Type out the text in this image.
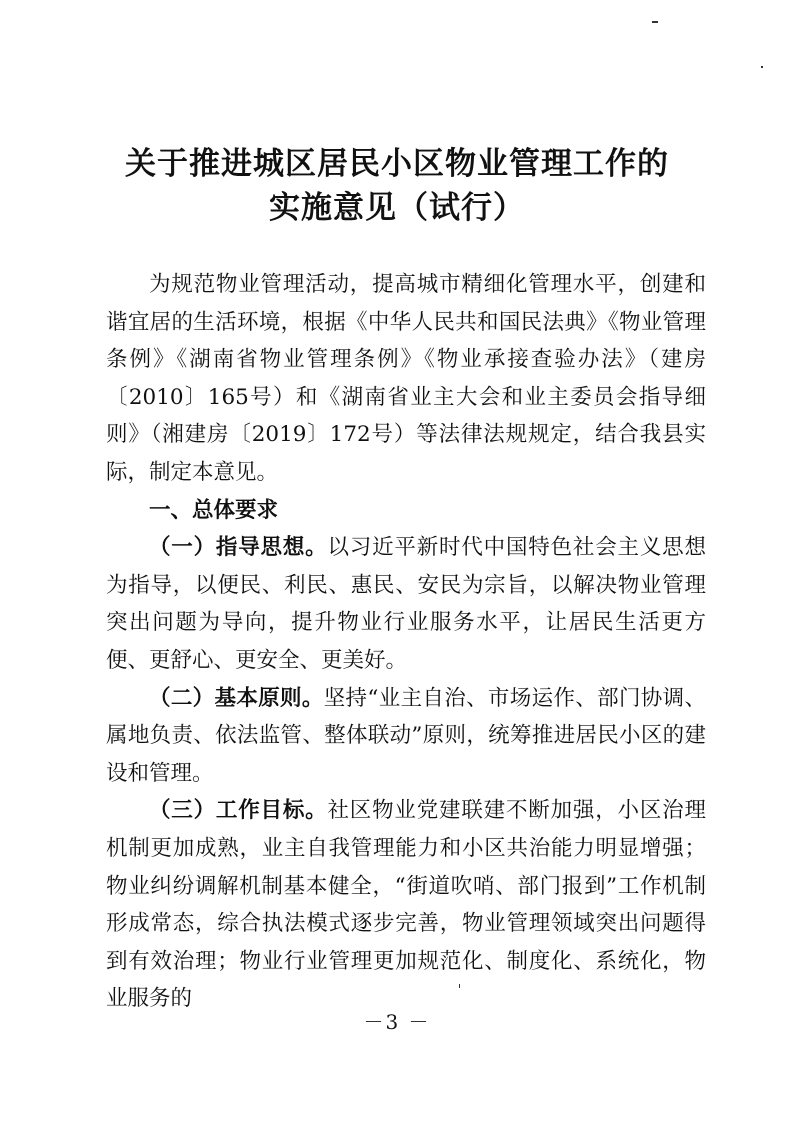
关于推进城区居民小区物业管理工作的
实施意见（试行）

为规范物业管理活动，提高城市精细化管理水平，创建和谐宜居的生活环境，根据《中华人民共和国民法典》《物业管理条例》《湖南省物业管理条例》《物业承接查验办法》（建房〔2010〕165号）和《湖南省业主大会和业主委员会指导细则》（湘建房〔2019〕172号）等法律法规规定，结合我县实际，制定本意见。

一、总体要求

（一）指导思想。以习近平新时代中国特色社会主义思想为指导，以便民、利民、惠民、安民为宗旨，以解决物业管理突出问题为导向，提升物业行业服务水平，让居民生活更方便、更舒心、更安全、更美好。

（二）基本原则。坚持“业主自治、市场运作、部门协调、属地负责、依法监管、整体联动”原则，统筹推进居民小区的建设和管理。

（三）工作目标。社区物业党建联建不断加强，小区治理机制更加成熟，业主自我管理能力和小区共治能力明显增强；物业纠纷调解机制基本健全，“街道吹哨、部门报到”工作机制形成常态，综合执法模式逐步完善，物业管理领域突出问题得到有效治理；物业行业管理更加规范化、制度化、系统化，物业服务的

－3 －
